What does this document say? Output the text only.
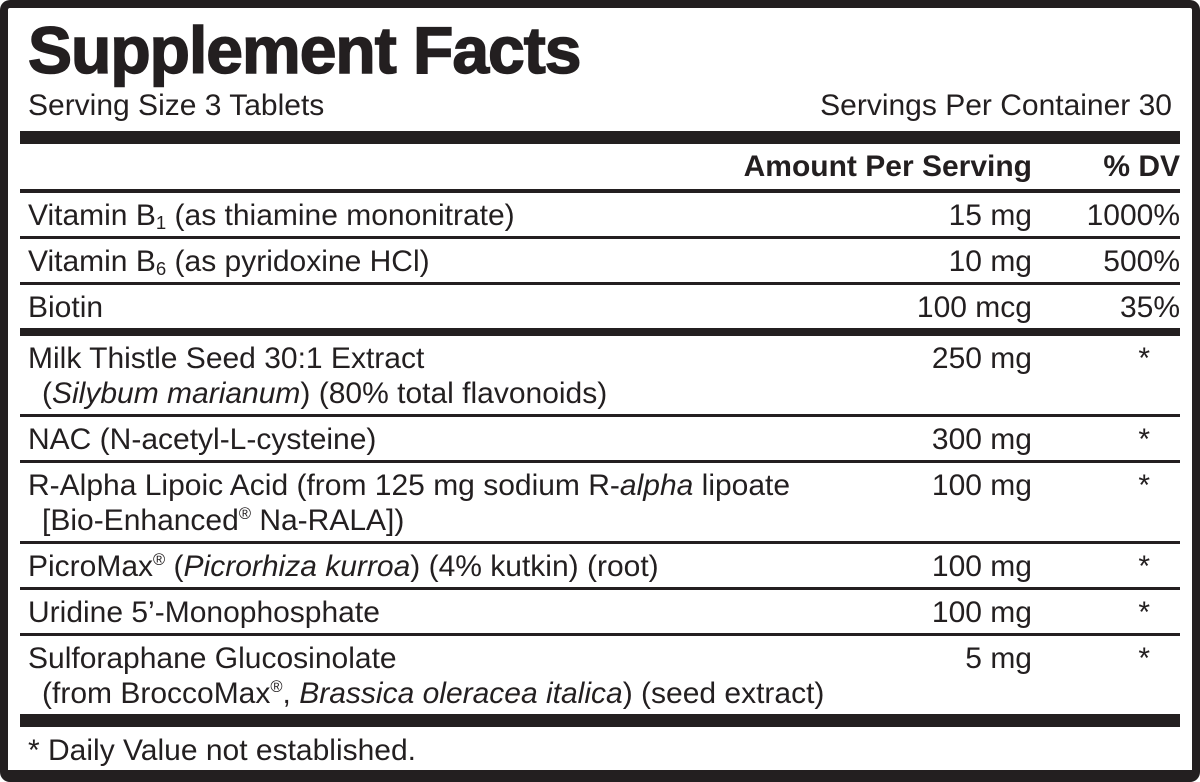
Supplement Facts
Serving Size 3 Tablets	Servings Per Container 30
Amount Per Serving	% DV
Vitamin $B_1$ (as thiamine mononitrate)	15 mg	1000%
Vitamin $B_6$ (as pyridoxine HCl)	10 mg	500%
Biotin	100 mcg	35%
Milk Thistle Seed 30:1 Extract
(Silybum marianum) (80% total flavonoids)
250 mg	*
NAC (N-acetyl-L-cysteine)	300 mg	*
R-Alpha Lipoic Acid (from 125 mg sodium R-alpha lipoate
[Bio-Enhanced® Na-RALA])
100 mg	*
PicroMax® (Picrorhiza kurroa) (4% kutkin) (root)	100 mg	*
Uridine 5’-Monophosphate	100 mg	*
Sulforaphane Glucosinolate
(from BroccoMax®, Brassica oleracea italica) (seed extract)
5 mg	*
* Daily Value not established.
